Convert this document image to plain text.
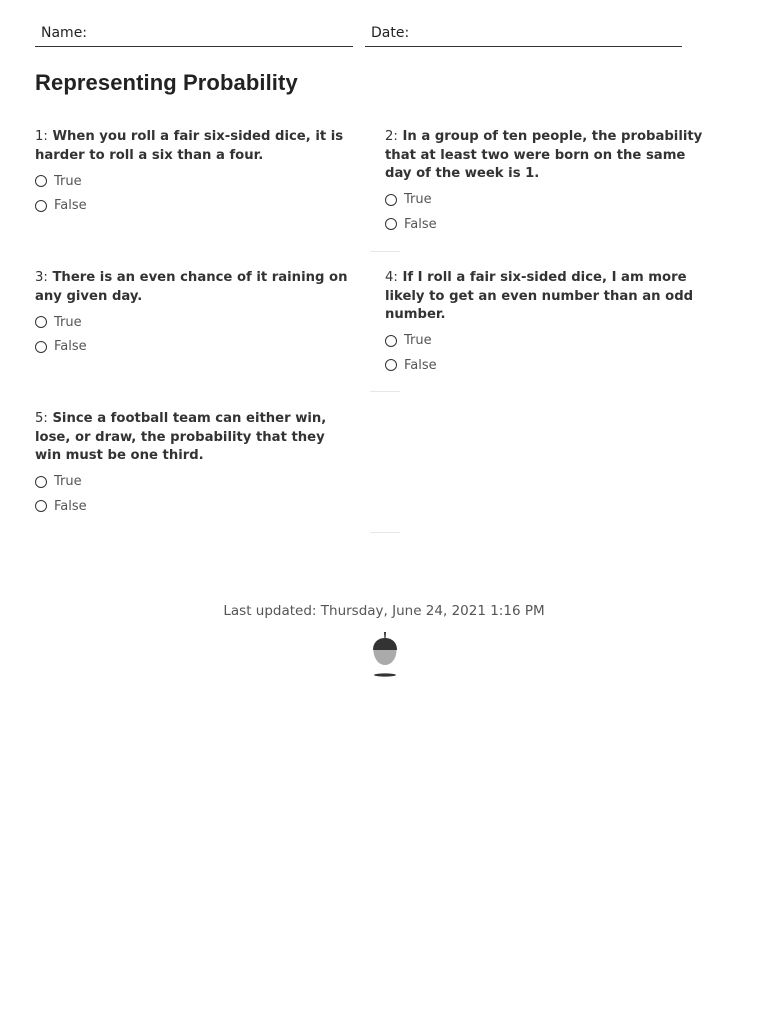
Name:	Date:
Representing Probability

1: When you roll a fair six-sided dice, it is harder to roll a six than a four.

True
False

2: In a group of ten people, the probability that at least two were born on the same day of the week is 1.

True
False

3: There is an even chance of it raining on any given day.

True
False

4: If I roll a fair six-sided dice, I am more likely to get an even number than an odd number.

True
False

5: Since a football team can either win, lose, or draw, the probability that they win must be one third.

True
False
Last updated: Thursday, June 24, 2021 1:16 PM
